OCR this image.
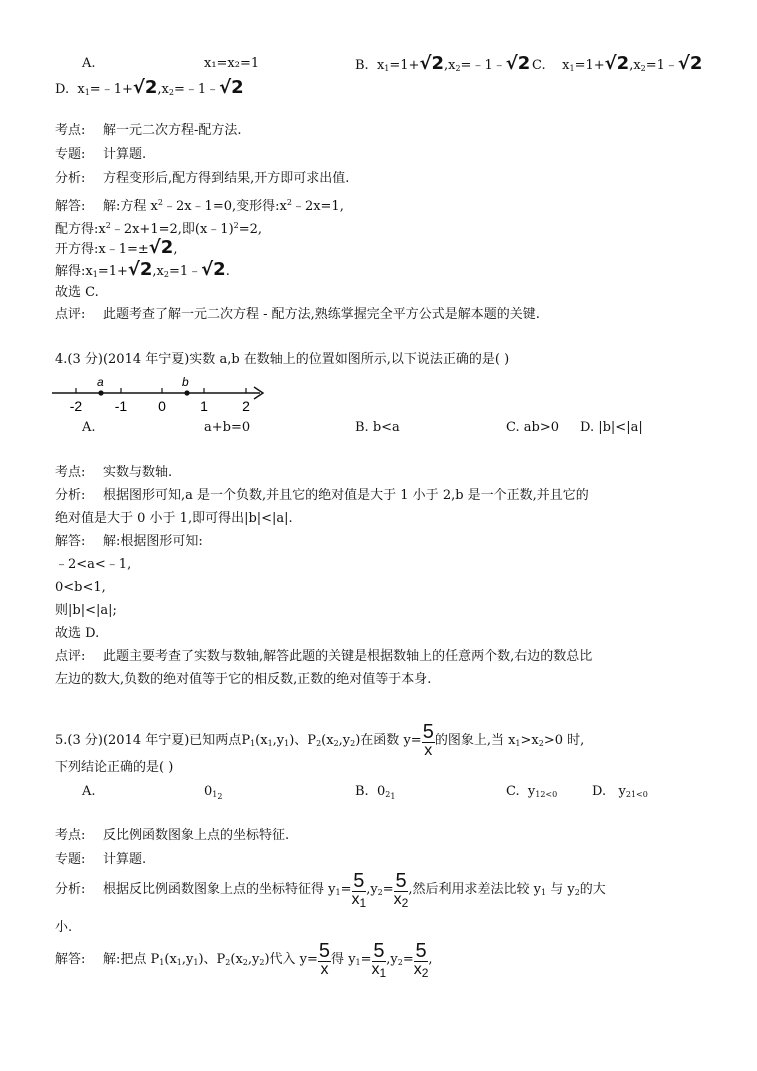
A.	x₁=x₂=1	B.  $x_1=1+√2,x_2=﹣1﹣√2$ C.    $x_1=1+√2,x_2=1﹣√2$
D.  $x_1=﹣1+√2,x_2=﹣1﹣√2$
考点: 解一元二次方程-配方法.
专题: 计算题.
分析: 方程变形后,配方得到结果,开方即可求出值.
解答: 解:方程 $x^2﹣2x﹣1=0$,变形得$:x^2﹣2x=1$,
配方得$:x^2﹣2x+1=2$,即(x﹣1)$^2$=2,
开方得:x﹣1=±√2,
解得$:x_1=1+√2,x_2=1﹣√2$.
故选 C.
点评: 此题考查了解一元二次方程 - 配方法,熟练掌握完全平方公式是解本题的关键.
4.(3 分)(2014 年宁夏)实数 a,b 在数轴上的位置如图所示,以下说法正确的是( )
-2 -1 0 1 2
a	b
A.	a+b=0	B. b<a	C. ab>0 D. |b|<|a|
考点: 实数与数轴.
分析: 根据图形可知,a 是一个负数,并且它的绝对值是大于 1 小于 2,b 是一个正数,并且它的
绝对值是大于 0 小于 1,即可得出|b|<|a|.
解答: 解:根据图形可知:
﹣2<a<﹣1,
0<b<1,
则|b|<|a|;
故选 D.
点评: 此题主要考查了实数与数轴,解答此题的关键是根据数轴上的任意两个数,右边的数总比
左边的数大,负数的绝对值等于它的相反数,正数的绝对值等于本身.
5.(3 分)(2014 年宁夏)已知两点$P_1(x_1,y_1)$、$P_2(x_2,y_2)$在函数 $y= \frac{5}{x}$ 的图象上,当 $x_1>x_2>0$ 时,
下列结论正确的是( )
A.	$0_{12}$	B.  $0_{21}$	C.  $y_{12<0}$	D.   $y_{21<0}$
考点: 反比例函数图象上点的坐标特征.
专题: 计算题.
分析: 根据反比例函数图象上点的坐标特征得 $y_1= \frac{5}{x1} ,y_2= \frac{5}{x2}$ ,然后利用求差法比较 $y_1$ 与 $y_2$的大
小.
解答: 解:把点 $P_1(x_1,y_1)$、$P_2(x_2,y_2)$代入 $y= \frac{5}{x}$ 得 $y_1= \frac{5}{x1} ,y_2= \frac{5}{x2}$ ,
